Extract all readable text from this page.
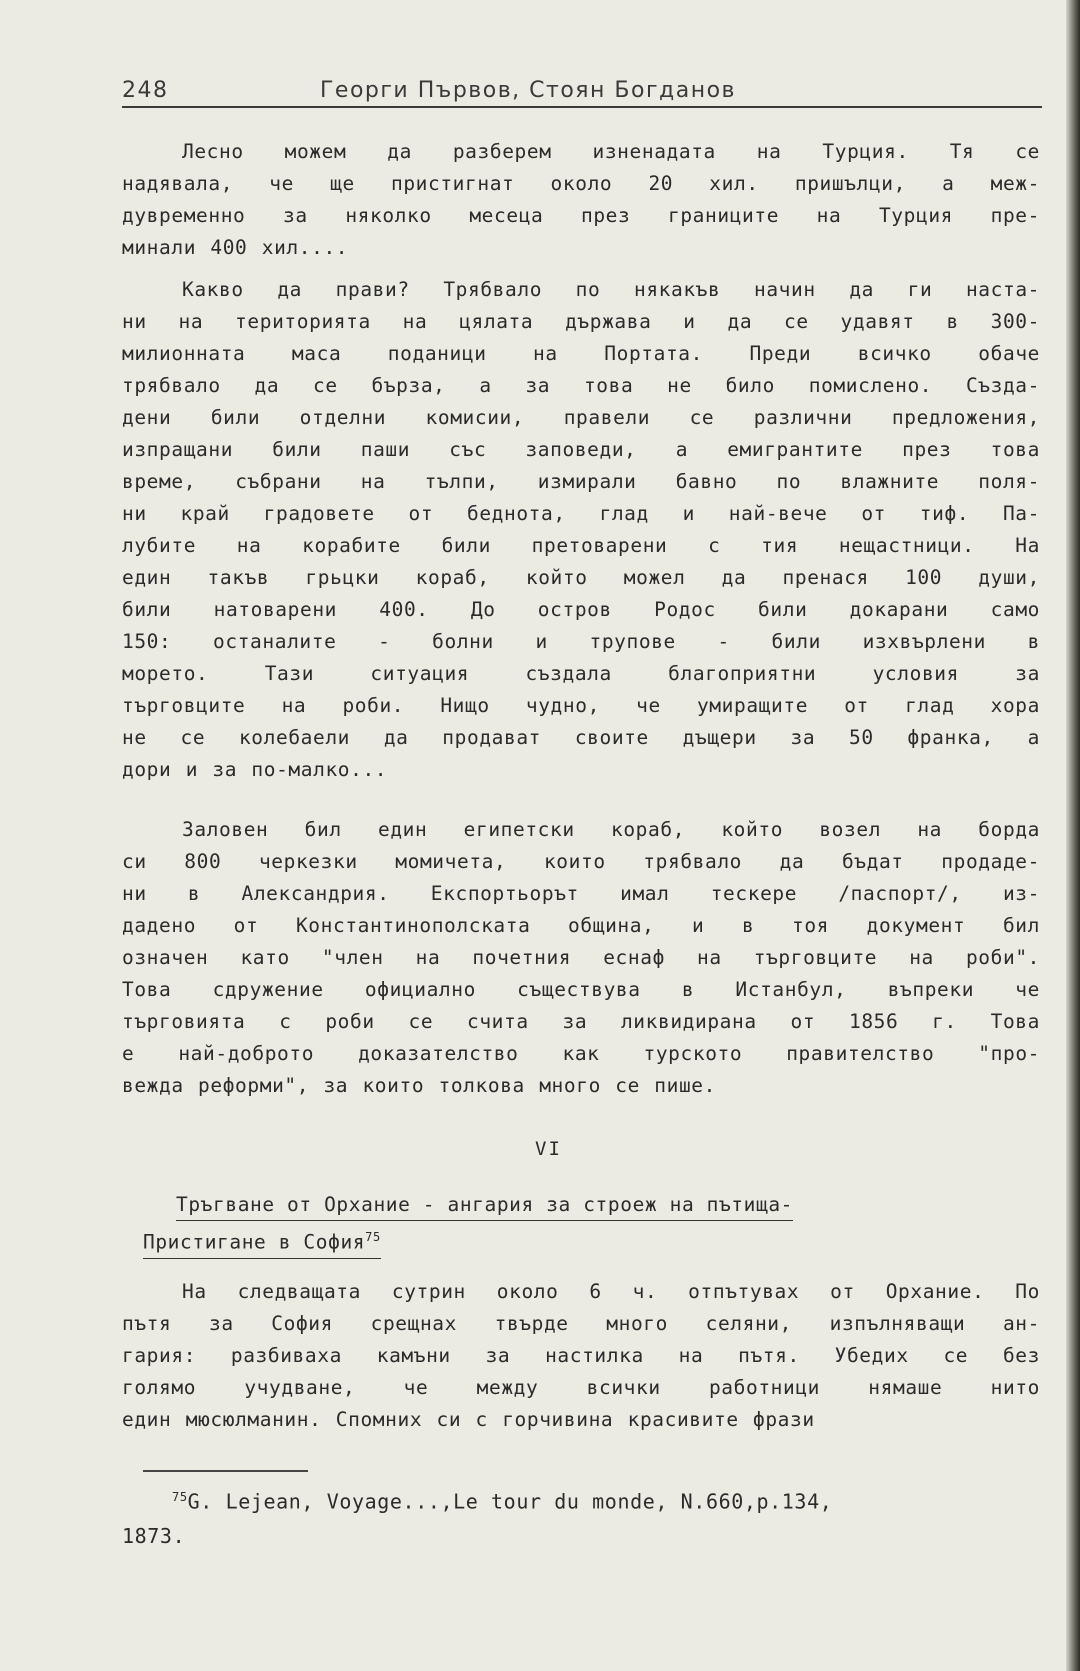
248	Георги Първов, Стоян Богданов
Лесно можем да разберем изненадата на Турция. Тя се
надявала, че ще пристигнат около 20 хил. пришълци, а меж-
дувременно за няколко месеца през границите на Турция пре-
минали 400 хил....
Какво да прави? Трябвало по някакъв начин да ги наста-
ни на територията на цялата държава и да се удавят в 300-
милионната маса поданици на Портата. Преди всичко обаче
трябвало да се бърза, а за това не било помислено. Създа-
дени били отделни комисии, правели се различни предложения,
изпращани били паши със заповеди, а емигрантите през това
време, събрани на тълпи, измирали бавно по влажните поля-
ни край градовете от беднота, глад и най-вече от тиф. Па-
лубите на корабите били претоварени с тия нещастници. На
един такъв грьцки кораб, който можел да пренася 100 души,
били натоварени 400. До остров Родос били докарани само
150: останалите - болни и трупове - били изхвърлени в
морето. Тази ситуация създала благоприятни условия за
търговците на роби. Нищо чудно, че умиращите от глад хора
не се колебаели да продават своите дъщери за 50 франка, а
дори и за по-малко...
Заловен бил един египетски кораб, който возел на борда
си 800 черкезки момичета, които трябвало да бъдат продаде-
ни в Александрия. Експортьорът имал тескере /паспорт/, из-
дадено от Константинополската община, и в тоя документ бил
означен като "член на почетния еснаф на търговците на роби".
Това сдружение официално съществува в Истанбул, въпреки че
търговията с роби се счита за ликвидирана от 1856 г. Това
е най-доброто доказателство как турското правителство "про-
вежда реформи", за които толкова много се пише.
VI
Тръгване от Орхание - ангария за строеж на пътища-
Пристигане в София$^{75}$
На следващата сутрин около 6 ч. отпътувах от Орхание. По
пътя за София срещнах твърде много селяни, изпълняващи ан-
гария: разбиваха камъни за настилка на пътя. Убедих се без
голямо учудване, че между всички работници нямаше нито
един мюсюлманин. Спомних си с горчивина красивите фрази
$^{75}$G. Lejean, Voyage...,Le tour du monde, N.660,p.134,
1873.
